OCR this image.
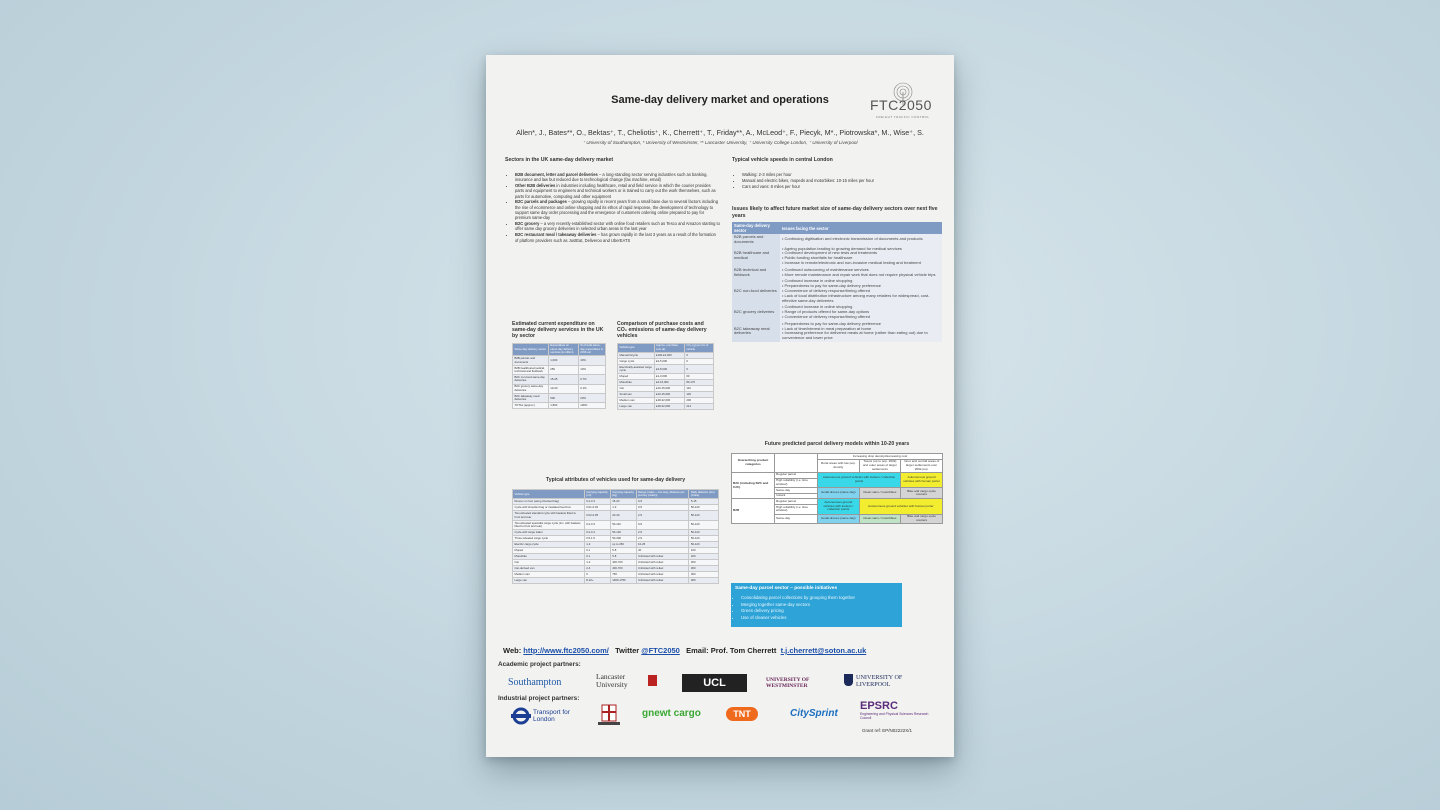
Same-day delivery market and operations	FTC2050
FREIGHT TRAFFIC CONTROL
Allen*, J., Bates**, O., Bektas⁺, T., Cheliotis⁺, K., Cherrett⁺, T., Friday**, A., McLeod⁺, F., Piecyk, M*., Piotrowska*, M., Wise⁺, S.
⁺ University of Southampton, * University of Westminster, ** Lancaster University, ⁺ University College London, ⁺ University of Liverpool
Sectors in the UK same-day delivery market
• B2B document, letter and parcel deliveries – a long-standing sector serving industries such as banking, insurance and law but reduced due to technological change (fax machine, email)
• Other B2B deliveries in industries including healthcare, retail and field service in which the courier provides parts and equipment to engineers and technical workers or is trained to carry out the work themselves, such as parts for automotive, computing and other equipment
• B2C parcels and packages – growing rapidly in recent years from a small base due to several factors including the rise of ecommerce and online shopping and its ethos of rapid response, the development of technology to support same day order processing and the emergence of customers ordering online prepared to pay for premium same-day
• B2C grocery – a very recently established sector with online food retailers such as Tesco and Amazon starting to offer same day grocery deliveries in selected urban areas in the last year
• B2C restaurant meal / takeaway deliveries – has grown rapidly in the last 3 years as a result of the formation of platform providers such as JustEat, Deliveroo and UberEATS
Typical vehicle speeds in central London
• Walking: 2-3 miles per hour
• Manual and electric bikes, mopeds and motorbikes: 10-15 miles per hour
• Cars and vans: 8 miles per hour
Issues likely to affect future market size of same-day delivery sectors over next five years
Same-day delivery sector	Issues facing the sector
B2B parcels and documents	• Continuing digitisation and electronic transmission of documents and products

B2B healthcare and medical	• Ageing population leading to growing demand for medical services
• Continued development of new tests and treatments
• Public funding shortfalls for healthcare
• Increase in remote/electronic and non-invasive medical testing and treatment

B2B technical and fieldwork	• Continued outsourcing of maintenance services
• More remote maintenance and repair work that does not require physical vehicle trips

B2C non-food deliveries	• Continued increase in online shopping
• Preparedness to pay for same-day delivery preference
• Convenience of delivery response/timing offered
• Lack of local distribution infrastructure among many retailers for widespread, cost-effective same-day deliveries

B2C grocery deliveries	• Continued increase in online shopping
• Range of products offered for same-day options
• Convenience of delivery response/timing offered

B2C takeaway meal deliveries	• Preparedness to pay for same-day delivery preference
• Lack of time/interest in meal preparation at home
• Increasing preference for delivered meals at home (rather than eating out) due to convenience and lower price
Estimated current expenditure on same-day delivery services in the UK by sector
Same-day delivery sector	Expenditure on same-day delivery services (£ million)	% of total same-day expenditure in 2016 etc
B2B parcels and documents	1,000	40%
B2B healthcare/medical, technical and fieldwork	250	10%
B2C non-food same-day deliveries	15-25	0.7%
B2C grocery same-day deliveries	10-20	0.1%
B2C takeaway meal deliveries	500	20%
TOTAL (approx.)	1,800	100%
Comparison of purchase costs and CO₂ emissions of same-day delivery vehicles
Vehicle type	Approx. purchase cost (£)	CO₂ (g) per km of vehicle
Manual bicycle	£100-£2,000	0
Cargo cycle	£2-5,000	0
Electrically-assisted cargo cycle	£2-8,000	0
Moped	£1-3,000	60
Motorbike	£4-15,000	80-170
Car	£10-15,000	110
Small van	£10-15,000	140
Medium van	£18-22,000	200
Large van	£18-22,000	214
Typical attributes of vehicles used for same-day delivery
Vehicle type	Carrying capacity (m³)	Carrying capacity (kg)	Range (miles – one way, distance per journey (miles))	Daily distance (km) (miles)
Runner on foot (using checked bag)	0.2-0.3	15-20	0-5	5-15
Cycle with shoulder bag or insulated food box	0.01-0.02	1-3	0-5	50-120
Two-wheeled standard cycle with baskets fitted to front and rear	0.02-0.05	20-40	2-5	50-120
Two-wheeled specialist cargo cycle (inc. with baskets fitted to front and rear)	0.2-0.3	50-110	0-5	50-120
Cycle with cargo trailer	0.2-0.4	50-120	2-5	50-120
Three-wheeled cargo cycle	0.5-1.5	50-300	2-5	50-120
Electric cargo cycle	1-2	up to 250	10-25	50-120
Moped	0.1	5-8	40	100
Motorbike	0.1	5-8	Unlimited with refuel	320
Car	1-2	400-700	Unlimited with refuel	300
Car-derived van	2-4	400-700	Unlimited with refuel	300
Medium van	6	750	Unlimited with refuel	300
Large van	8-10+	1000-1750	Unlimited with refuel	300
Future predicted parcel delivery models within 10-20 years
Overarching product categories		Increasing drop density/decreasing cost		
		Rural areas with low pop. density	Towns (up to pop. 200k) and outer areas of larger settlements	Inner and central areas of larger settlements over 200k pop.
B2C (including B2C and C2C)	Regular parcel	Autonomous ground vehicles with lockers / collection points		Autonomous ground vehicles with human porter
	High reliability (i.e. time window)			
	Same-day	Aerial drones (same day)	Clean vans / motorbikes	Bike and cargo-cycle couriers
	Instant			
B2B	Regular parcel	Autonomous ground vehicles with lockers / collection points	Autonomous ground vehicles with human porter	
	High reliability (i.e. time window)			
	Same-day	Aerial drones (same day)	Clean vans / motorbikes	Bike and cargo-cycle couriers
Same-day parcel sector – possible initiatives
• Consolidating parcel collections by grouping them together
• Merging together same-day sectors
• Green delivery pricing
• Use of cleaner vehicles
Web: http://www.ftc2050.com/ Twitter @FTC2050 Email: Prof. Tom Cherrett t.j.cherrett@soton.ac.uk
Academic project partners:
Southampton
Lancaster University	UCL	UNIVERSITY OF WESTMINSTER
UNIVERSITY OF LIVERPOOL
Industrial project partners:
Transport for London
gnewt cargo	TNT	CitySprint
EPSRC
Engineering and Physical Sciences Research Council
Grant ref: EP/N02222X/1
